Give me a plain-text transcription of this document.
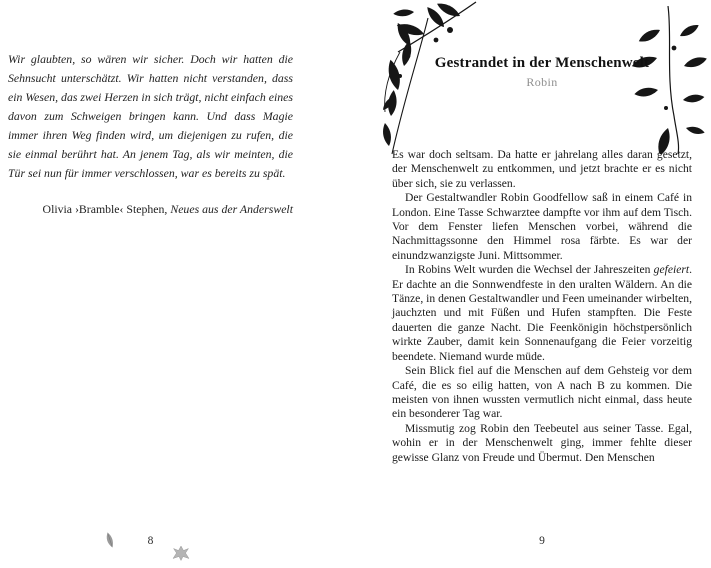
Wir glaubten, so wären wir sicher. Doch wir hatten die Sehnsucht unterschätzt. Wir hatten nicht verstanden, dass ein Wesen, das zwei Herzen in sich trägt, nicht einfach eines davon zum Schweigen bringen kann. Und dass Magie immer ihren Weg finden wird, um diejenigen zu rufen, die sie einmal berührt hat. An jenem Tag, als wir meinten, die Tür sei nun für immer verschlossen, war es bereits zu spät.
Olivia ›Bramble‹ Stephen, Neues aus der Anderswelt
8
Gestrandet in der Menschenwelt
Robin

Es war doch seltsam. Da hatte er jahrelang alles daran gesetzt, der Menschenwelt zu entkommen, und jetzt brachte er es nicht über sich, sie zu verlassen.

Der Gestaltwandler Robin Goodfellow saß in einem Café in London. Eine Tasse Schwarztee dampfte vor ihm auf dem Tisch. Vor dem Fenster liefen Menschen vorbei, während die Nachmittagssonne den Himmel rosa färbte. Es war der einundzwanzigste Juni. Mittsommer.

In Robins Welt wurden die Wechsel der Jahreszeiten gefeiert. Er dachte an die Sonnwendfeste in den uralten Wäldern. An die Tänze, in denen Gestaltwandler und Feen umeinander wirbelten, jauchzten und mit Füßen und Hufen stampften. Die Feste dauerten die ganze Nacht. Die Feenkönigin höchstpersönlich wirkte Zauber, damit kein Sonnenaufgang die Feier vorzeitig beendete. Niemand wurde müde.

Sein Blick fiel auf die Menschen auf dem Gehsteig vor dem Café, die es so eilig hatten, von A nach B zu kommen. Die meisten von ihnen wussten vermutlich nicht einmal, dass heute ein besonderer Tag war.

Missmutig zog Robin den Teebeutel aus seiner Tasse. Egal, wohin er in der Menschenwelt ging, immer fehlte dieser gewisse Glanz von Freude und Übermut. Den Menschen

9
